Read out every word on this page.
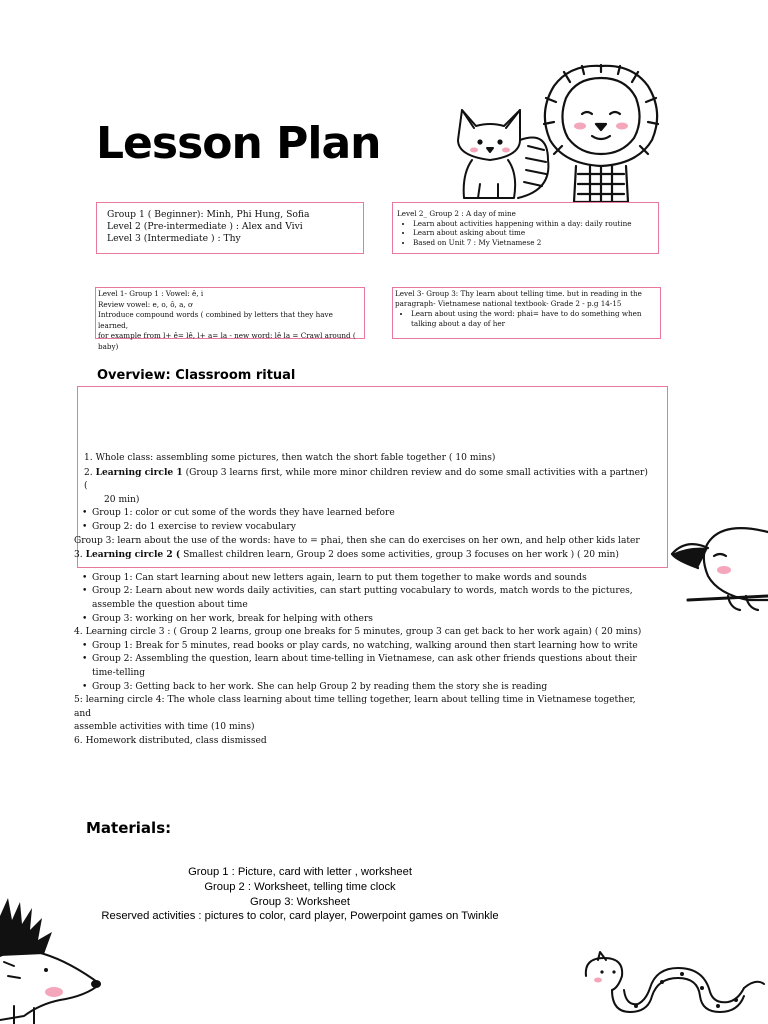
Lesson Plan
Group 1 ( Beginner): Minh, Phi Hung, Sofia
Level 2 (Pre-intermediate ) : Alex and Vivi
Level 3 (Intermediate ) : Thy
Level 2_ Group 2 : A day of mine
• Learn about activities happening within a day: daily routine
• Learn about asking about time
• Based on Unit 7 : My Vietnamese 2
Level 1- Group 1 : Vowel: ê, i
Review vowel: e, o, ô, a, ơ
Introduce compound words ( combined by letters that they have learned,
for example from l+ ê= lê, l+ a= la - new word: lê la = Crawl around ( baby)
Level 3- Group 3: Thy learn about telling time. but in reading in the paragraph- Vietnamese national textbook- Grade 2 - p.g 14-15
• Learn about using the word: phai= have to do something when talking about a day of her
Overview: Classroom ritual
1. Whole class: assembling some pictures, then watch the short fable together ( 10 mins)
2. Learning circle 1 (Group 3 learns first, while more minor children review and do some small activities with a partner) (
20 min)
• Group 1: color or cut some of the words they have learned before
• Group 2: do 1 exercise to review vocabulary
Group 3: learn about the use of the words: have to = phai, then she can do exercises on her own, and help other kids later
3. Learning circle 2 ( Smallest children learn, Group 2 does some activities, group 3 focuses on her work ) ( 20 min)
• Group 1: Can start learning about new letters again, learn to put them together to make words and sounds
• Group 2: Learn about new words daily activities, can start putting vocabulary to words, match words to the pictures,
assemble the question about time
• Group 3: working on her work, break for helping with others
4. Learning circle 3 : ( Group 2 learns, group one breaks for 5 minutes, group 3 can get back to her work again) ( 20 mins)
• Group 1: Break for 5 minutes, read books or play cards, no watching, walking around then start learning how to write
• Group 2: Assembling the question, learn about time-telling in Vietnamese, can ask other friends questions about their
time-telling
• Group 3: Getting back to her work. She can help Group 2 by reading them the story she is reading
5: learning circle 4: The whole class learning about time telling together, learn about telling time in Vietnamese together, and
assemble activities with time (10 mins)
6. Homework distributed, class dismissed
Materials:
Group 1 : Picture, card with letter , worksheet
Group 2 : Worksheet, telling time clock
Group 3: Worksheet
Reserved activities : pictures to color, card player, Powerpoint games on Twinkle
